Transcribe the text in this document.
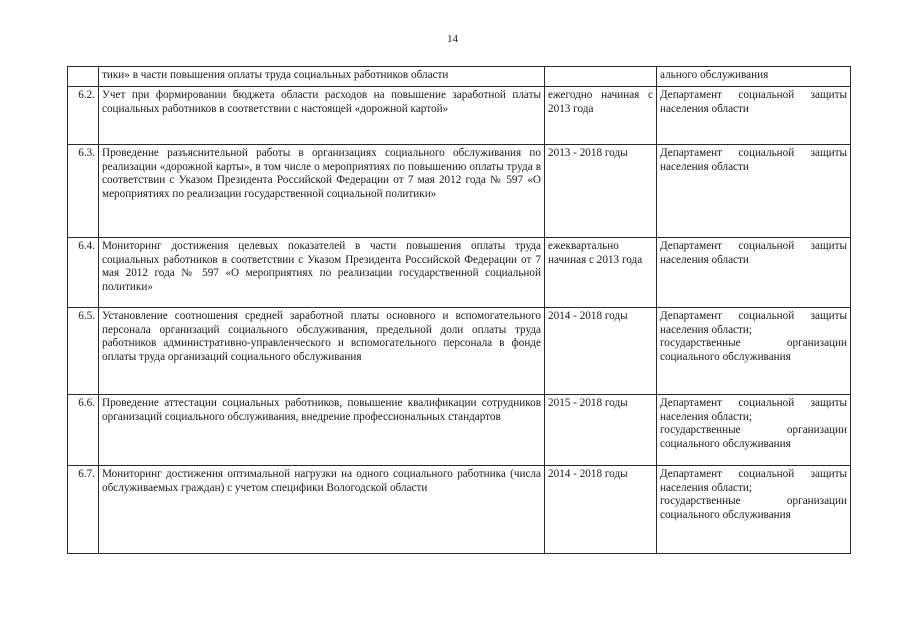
14

	тики» в части повышения оплаты труда социальных работников области		ального обслуживания

6.2.	Учет при формировании бюджета области расходов на повышение заработной платы социальных работников в соответствии с настоящей «дорожной картой»	ежегодно начиная с 2013 года	Департамент социальной защиты населения области

6.3.	Проведение разъяснительной работы в организациях социального обслуживания по реализации «дорожной карты», в том числе о мероприятиях по повышению оплаты труда в соответствии с Указом Президента Российской Федерации от 7 мая 2012 года № 597 «О мероприятиях по реализации государственной социальной политики»	2013 - 2018 годы	Департамент социальной защиты населения области

6.4.	Мониторинг достижения целевых показателей в части повышения оплаты труда социальных работников в соответствии с Указом Президента Российской Федерации от 7 мая 2012 года № 597 «О мероприятиях по реализации государственной социальной политики»	ежеквартально начиная с 2013 года	Департамент социальной защиты населения области

6.5.	Установление соотношения средней заработной платы основного и вспомогательного персонала организаций социального обслуживания, предельной доли оплаты труда работников административно-управленческого и вспомогательного персонала в фонде оплаты труда организаций социального обслуживания	2014 - 2018 годы	Департамент социальной защиты населения области;
государственные организации социального обслуживания

6.6.	Проведение аттестации социальных работников, повышение квалификации сотрудников организаций социального обслуживания, внедрение профессиональных стандартов	2015 - 2018 годы	Департамент социальной защиты населения области;
государственные организации социального обслуживания

6.7.	Мониторинг достижения оптимальной нагрузки на одного социального работника (числа обслуживаемых граждан) с учетом специфики Вологодской области	2014 - 2018 годы	Департамент социальной защиты населения области;
государственные организации социального обслуживания
